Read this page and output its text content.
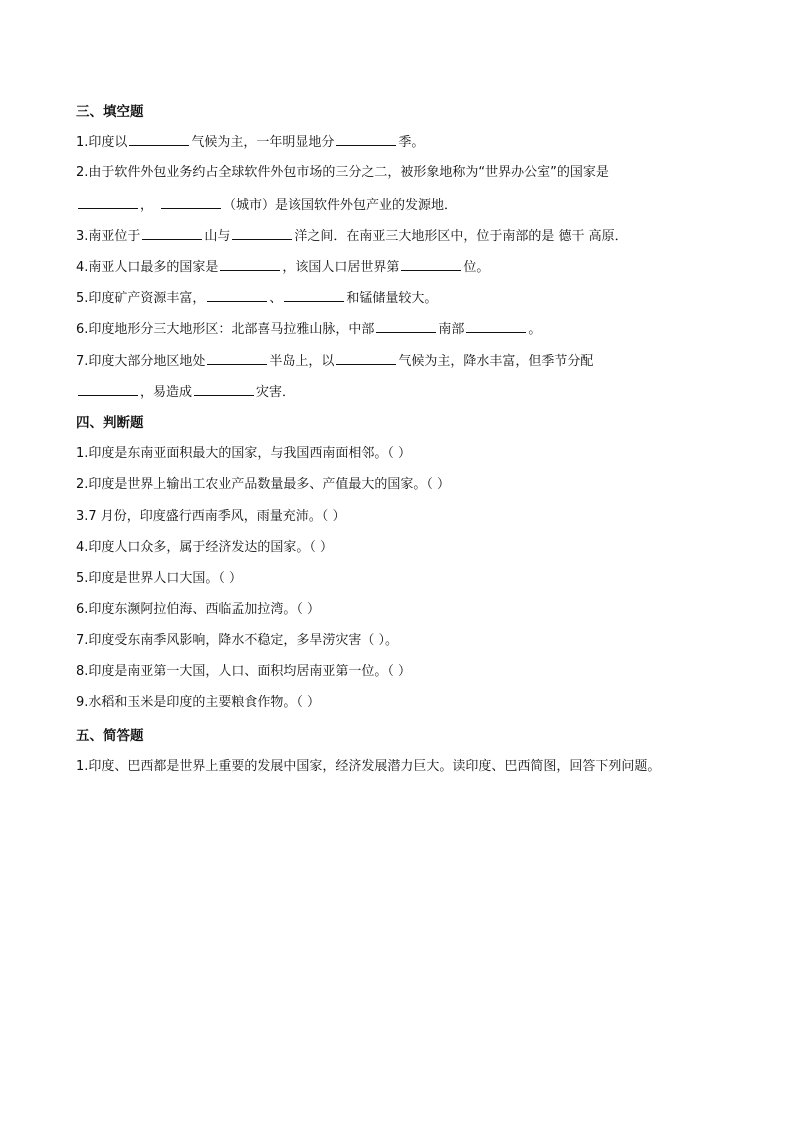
三、填空题
1.印度以	气候为主，一年明显地分	季。
2.由于软件外包业务约占全球软件外包市场的三分之二，被形象地称为“世界办公室”的国家是
，	（城市）是该国软件外包产业的发源地．
3.南亚位于	山与	洋之间．在南亚三大地形区中，位于南部的是 德干 高原．
4.南亚人口最多的国家是	，该国人口居世界第	位。
5.印度矿产资源丰富，	、	和锰储量较大。
6.印度地形分三大地形区：北部喜马拉雅山脉，中部	南部	。
7.印度大部分地区地处	半岛上，以	气候为主，降水丰富，但季节分配
，易造成	灾害．
四、判断题
1.印度是东南亚面积最大的国家，与我国西南面相邻。（ ）
2.印度是世界上输出工农业产品数量最多、产值最大的国家。（ ）
3.7 月份，印度盛行西南季风，雨量充沛。（ ）
4.印度人口众多，属于经济发达的国家。（ ）
5.印度是世界人口大国。（ ）
6.印度东濒阿拉伯海、西临孟加拉湾。（ ）
7.印度受东南季风影响，降水不稳定，多旱涝灾害（ ）。
8.印度是南亚第一大国，人口、面积均居南亚第一位。（ ）
9.水稻和玉米是印度的主要粮食作物。（ ）
五、简答题
1.印度、巴西都是世界上重要的发展中国家，经济发展潜力巨大。读印度、巴西简图，回答下列问题。
